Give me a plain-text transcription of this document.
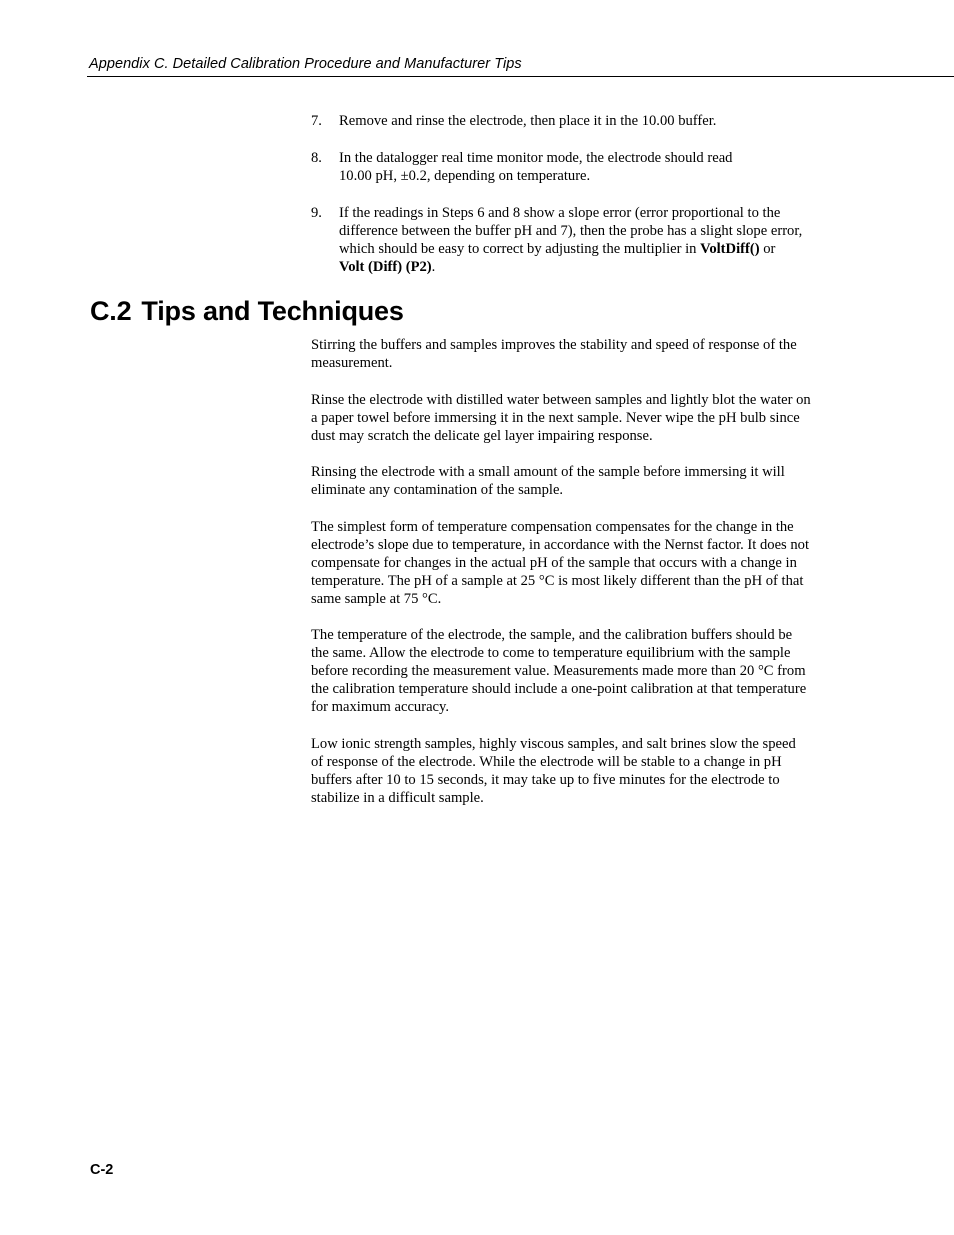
Appendix C. Detailed Calibration Procedure and Manufacturer Tips
7. Remove and rinse the electrode, then place it in the 10.00 buffer.
8. In the datalogger real time monitor mode, the electrode should read
10.00 pH, ±0.2, depending on temperature.
9. If the readings in Steps 6 and 8 show a slope error (error proportional to the difference between the buffer pH and 7), then the probe has a slight slope error, which should be easy to correct by adjusting the multiplier in VoltDiff() or Volt (Diff) (P2).
C.2 Tips and Techniques

Stirring the buffers and samples improves the stability and speed of response of the measurement.

Rinse the electrode with distilled water between samples and lightly blot the water on a paper towel before immersing it in the next sample. Never wipe the pH bulb since dust may scratch the delicate gel layer impairing response.

Rinsing the electrode with a small amount of the sample before immersing it will eliminate any contamination of the sample.

The simplest form of temperature compensation compensates for the change in the electrode’s slope due to temperature, in accordance with the Nernst factor. It does not compensate for changes in the actual pH of the sample that occurs with a change in temperature. The pH of a sample at 25 °C is most likely different than the pH of that same sample at 75 °C.

The temperature of the electrode, the sample, and the calibration buffers should be the same. Allow the electrode to come to temperature equilibrium with the sample before recording the measurement value. Measurements made more than 20 °C from the calibration temperature should include a one-point calibration at that temperature for maximum accuracy.

Low ionic strength samples, highly viscous samples, and salt brines slow the speed of response of the electrode. While the electrode will be stable to a change in pH buffers after 10 to 15 seconds, it may take up to five minutes for the electrode to stabilize in a difficult sample.

C-2
